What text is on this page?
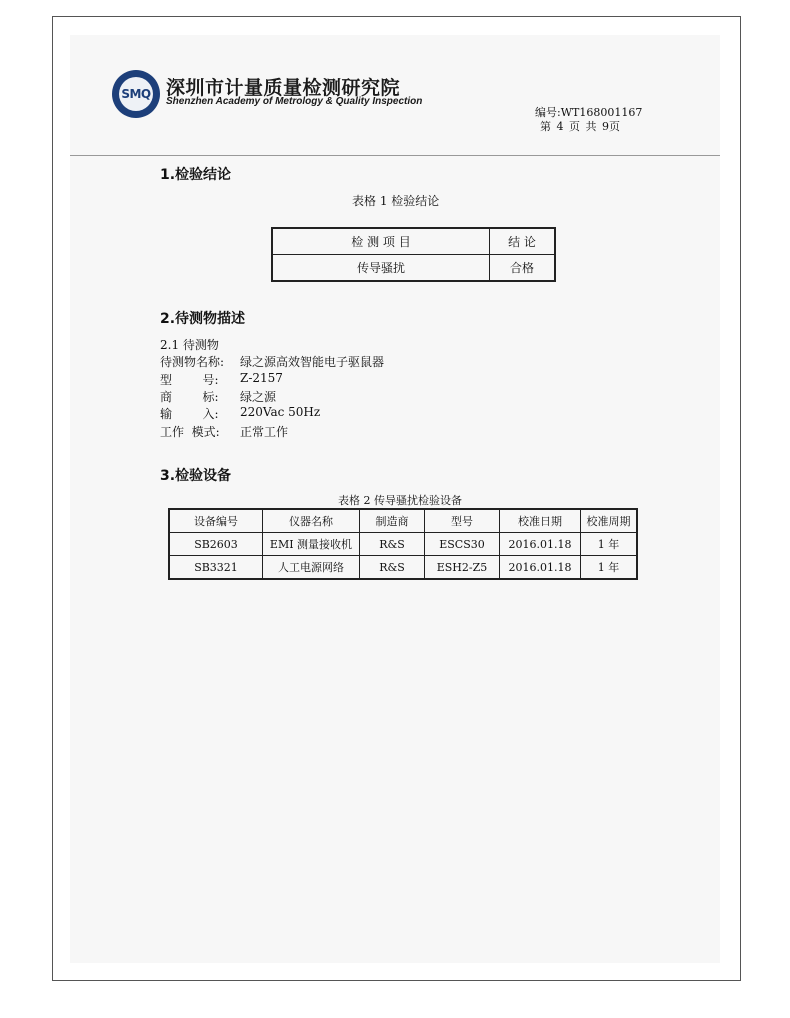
SMQ 深圳市计量质量检测研究院
Shenzhen Academy of Metrology & Quality Inspection
编号:WT168001167
第 4 页 共 9页
1.检验结论
表格 1 检验结论
检 测 项 目	结 论
传导骚扰	合格
2.待测物描述
2.1 待测物
待测物名称: 绿之源高效智能电子驱鼠器
型        号: Z-2157
商        标: 绿之源
输        入: 220Vac 50Hz
工作  模式: 正常工作
3.检验设备
表格 2 传导骚扰检验设备
设备编号	仪器名称	制造商	型号	校准日期	校准周期
SB2603	EMI 测量接收机	R&S	ESCS30	2016.01.18	1 年
SB3321	人工电源网络	R&S	ESH2-Z5	2016.01.18	1 年
